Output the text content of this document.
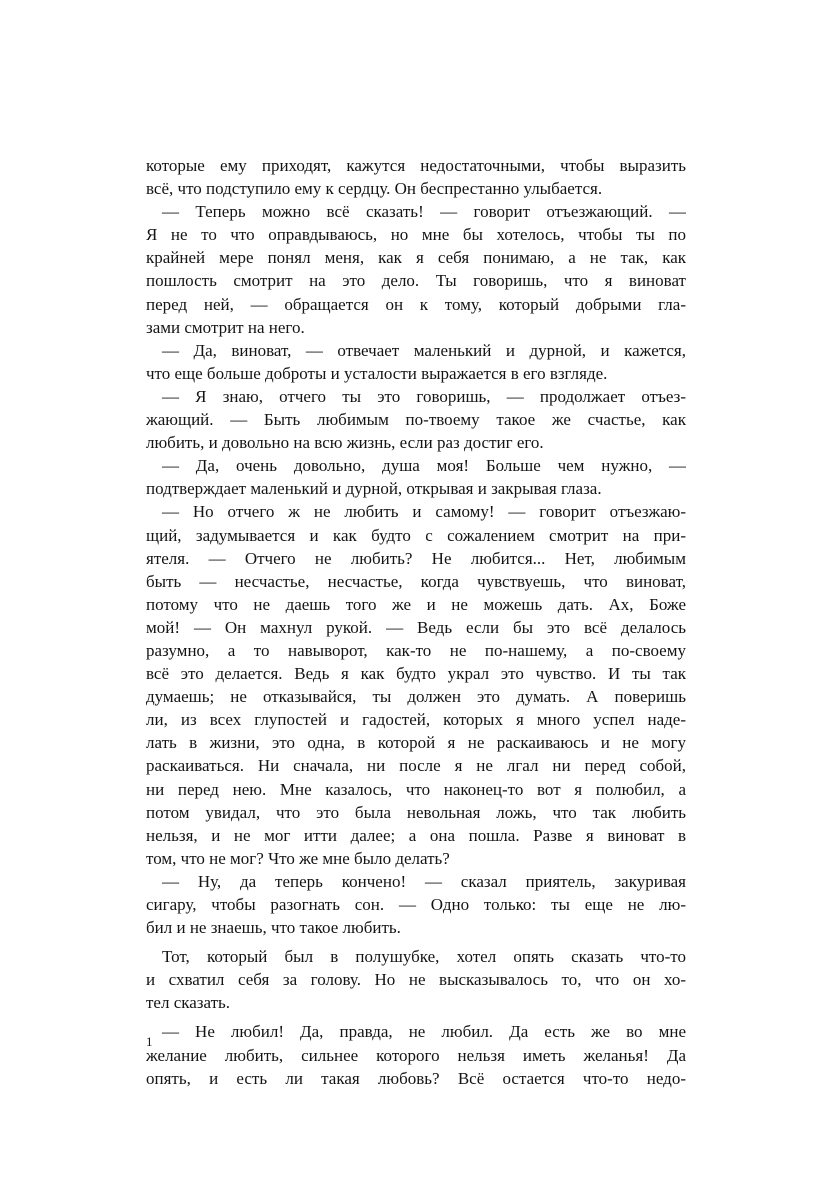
которые ему приходят, кажутся недостаточными, чтобы выразить
всё, что подступило ему к сердцу. Он беспрестанно улыбается.
— Теперь можно всё сказать! — говорит отъезжающий. —
Я не то что оправдываюсь, но мне бы хотелось, чтобы ты по
крайней мере понял меня, как я себя понимаю, а не так, как
пошлость смотрит на это дело. Ты говоришь, что я виноват
перед ней, — обращается он к тому, который добрыми гла-
зами смотрит на него.
— Да, виноват, — отвечает маленький и дурной, и кажется,
что еще больше доброты и усталости выражается в его взгляде.
— Я знаю, отчего ты это говоришь, — продолжает отъез-
жающий. — Быть любимым по-твоему такое же счастье, как
любить, и довольно на всю жизнь, если раз достиг его.
— Да, очень довольно, душа моя! Больше чем нужно, —
подтверждает маленький и дурной, открывая и закрывая глаза.
— Но отчего ж не любить и самому! — говорит отъезжаю-
щий, задумывается и как будто с сожалением смотрит на при-
ятеля. — Отчего не любить? Не любится... Нет, любимым
быть — несчастье, несчастье, когда чувствуешь, что виноват,
потому что не даешь того же и не можешь дать. Ах, Боже
мой! — Он махнул рукой. — Ведь если бы это всё делалось
разумно, а то навыворот, как-то не по-нашему, а по-своему
всё это делается. Ведь я как будто украл это чувство. И ты так
думаешь; не отказывайся, ты должен это думать. А поверишь
ли, из всех глупостей и гадостей, которых я много успел наде-
лать в жизни, это одна, в которой я не раскаиваюсь и не могу
раскаиваться. Ни сначала, ни после я не лгал ни перед собой,
ни перед нею. Мне казалось, что наконец-то вот я полюбил, а
потом увидал, что это была невольная ложь, что так любить
нельзя, и не мог итти далее; а она пошла. Разве я виноват в
том, что не мог? Что же мне было делать?
— Ну, да теперь кончено! — сказал приятель, закуривая
сигару, чтобы разогнать сон. — Одно только: ты еще не лю-
бил и не знаешь, что такое любить.
Тот, который был в полушубке, хотел опять сказать что-то
и схватил себя за голову. Но не высказывалось то, что он хо-
тел сказать.
— Не любил! Да, правда, не любил. Да есть же во мне
желание любить, сильнее которого нельзя иметь желанья! Да
опять, и есть ли такая любовь? Всё остается что-то недо-
1
